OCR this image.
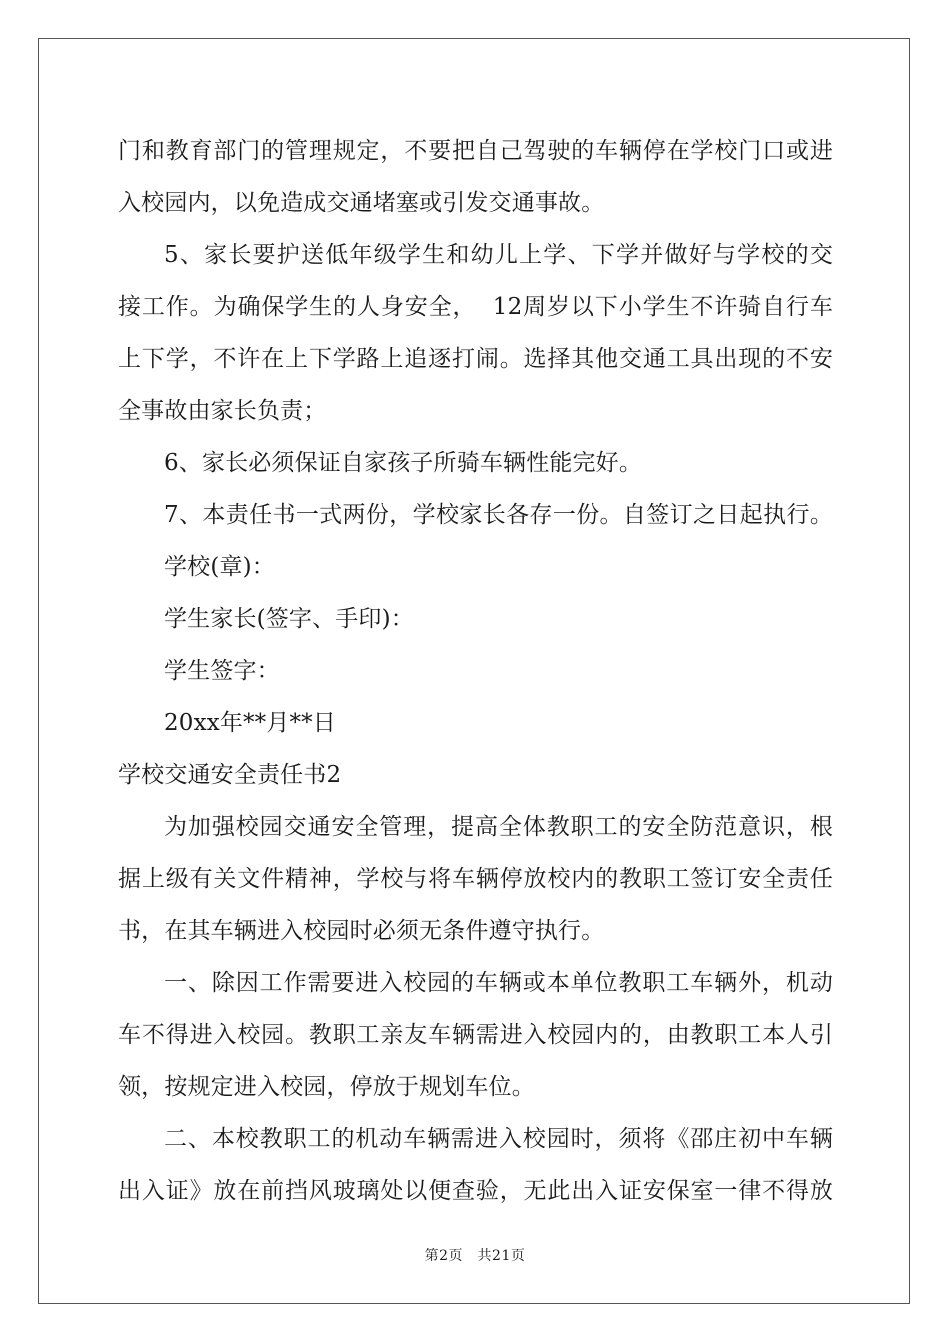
门和教育部门的管理规定，不要把自己驾驶的车辆停在学校门口或进
入校园内，以免造成交通堵塞或引发交通事故。
5、家长要护送低年级学生和幼儿上学、下学并做好与学校的交
接工作。为确保学生的人身安全，  12周岁以下小学生不许骑自行车
上下学，不许在上下学路上追逐打闹。选择其他交通工具出现的不安
全事故由家长负责；
6、家长必须保证自家孩子所骑车辆性能完好。
7、本责任书一式两份，学校家长各存一份。自签订之日起执行。
学校(章)：
学生家长(签字、手印)：
学生签字：
20xx年**月**日
学校交通安全责任书2
为加强校园交通安全管理，提高全体教职工的安全防范意识，根
据上级有关文件精神，学校与将车辆停放校内的教职工签订安全责任
书，在其车辆进入校园时必须无条件遵守执行。
一、除因工作需要进入校园的车辆或本单位教职工车辆外，机动
车不得进入校园。教职工亲友车辆需进入校园内的，由教职工本人引
领，按规定进入校园，停放于规划车位。
二、本校教职工的机动车辆需进入校园时，须将《邵庄初中车辆
出入证》放在前挡风玻璃处以便查验，无此出入证安保室一律不得放
第2页　共21页
